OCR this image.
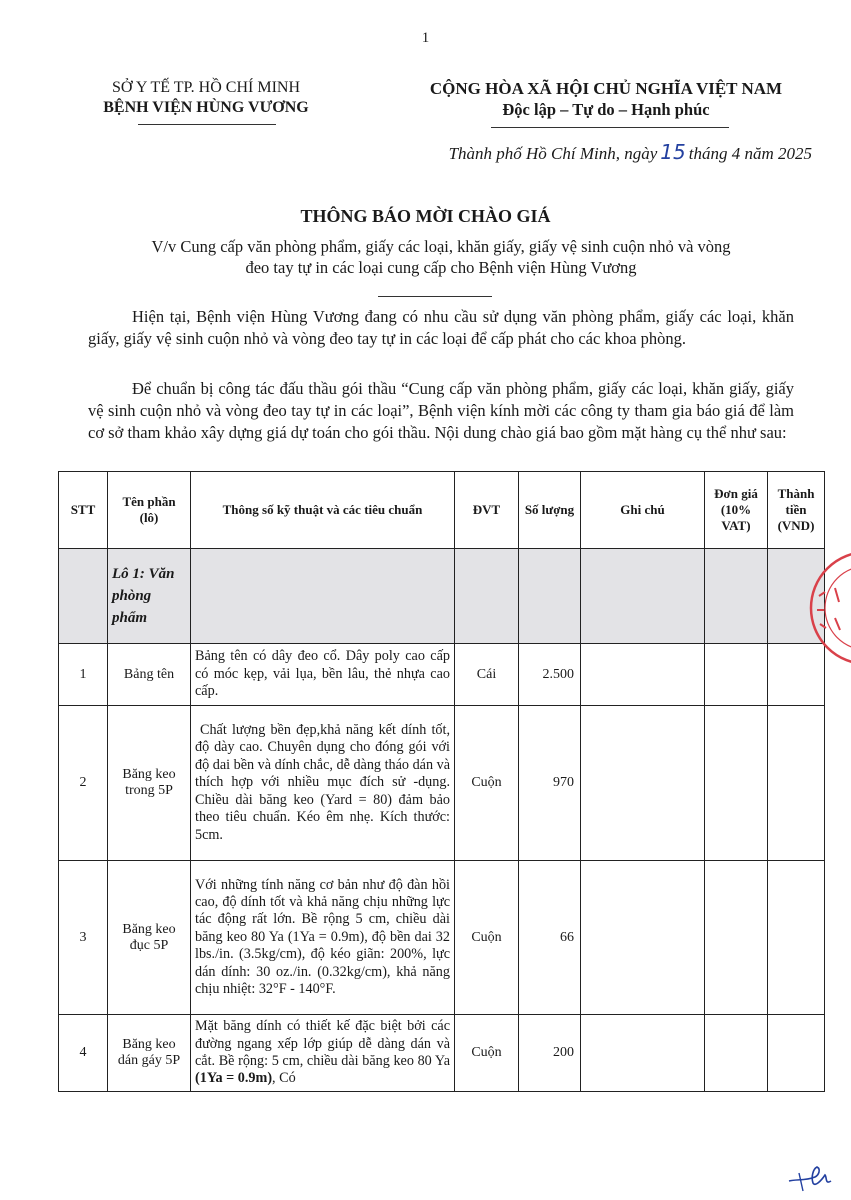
1
SỞ Y TẾ TP. HỒ CHÍ MINH
BỆNH VIỆN HÙNG VƯƠNG
CỘNG HÒA XÃ HỘI CHỦ NGHĨA VIỆT NAM
Độc lập – Tự do – Hạnh phúc
Thành phố Hồ Chí Minh, ngày 15 tháng 4 năm 2025
THÔNG BÁO MỜI CHÀO GIÁ
V/v Cung cấp văn phòng phẩm, giấy các loại, khăn giấy, giấy vệ sinh cuộn nhỏ và vòng
đeo tay tự in các loại cung cấp cho Bệnh viện Hùng Vương
Hiện tại, Bệnh viện Hùng Vương đang có nhu cầu sử dụng văn phòng phẩm, giấy các loại, khăn giấy, giấy vệ sinh cuộn nhỏ và vòng đeo tay tự in các loại để cấp phát cho các khoa phòng.
Để chuẩn bị công tác đấu thầu gói thầu “Cung cấp văn phòng phẩm, giấy các loại, khăn giấy, giấy vệ sinh cuộn nhỏ và vòng đeo tay tự in các loại”, Bệnh viện kính mời các công ty tham gia báo giá để làm cơ sở tham khảo xây dựng giá dự toán cho gói thầu. Nội dung chào giá bao gồm mặt hàng cụ thể như sau:
STT	Tên phần (lô)	Thông số kỹ thuật và các tiêu chuẩn	ĐVT	Số lượng	Ghi chú	Đơn giá (10% VAT)	Thành tiền (VND)
	Lô 1: Văn phòng phẩm						
1	Bảng tên	Bảng tên có dây đeo cổ. Dây poly cao cấp có móc kẹp, vải lụa, bền lâu, thẻ nhựa cao cấp.	Cái	2.500			
2	Băng keo trong 5P	Chất lượng bền đẹp,khả năng kết dính tốt, độ dày cao. Chuyên dụng cho đóng gói với độ dai bền và dính chắc, dễ dàng tháo dán và thích hợp với nhiều mục đích sử -dụng. Chiều dài băng keo (Yard = 80) đảm bảo theo tiêu chuẩn. Kéo êm nhẹ. Kích thước: 5cm.	Cuộn	970			
3	Băng keo đục 5P	Với những tính năng cơ bản như độ đàn hồi cao, độ dính tốt và khả năng chịu những lực tác động rất lớn. Bề rộng 5 cm, chiều dài băng keo 80 Ya (1Ya = 0.9m), độ bền dai 32 lbs./in. (3.5kg/cm), độ kéo giãn: 200%, lực dán dính: 30 oz./in. (0.32kg/cm), khả năng chịu nhiệt: 32°F - 140°F.	Cuộn	66			
4	Băng keo dán gáy 5P	Mặt băng dính có thiết kế đặc biệt bởi các đường ngang xếp lớp giúp dễ dàng dán và cắt. Bề rộng: 5 cm, chiều dài băng keo 80 Ya (1Ya = 0.9m), Có	Cuộn	200			
